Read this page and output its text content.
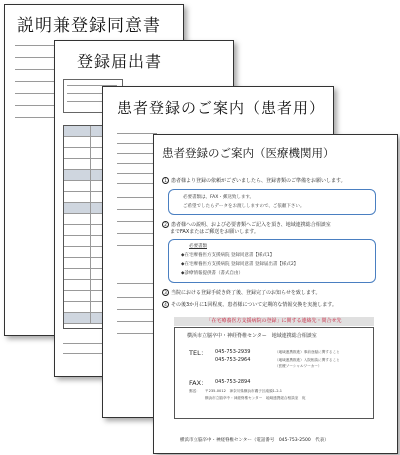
説明兼登録同意書
登録届出書
患者登録のご案内（患者用）
患者登録のご案内（医療機関用）
1 患者様より登録の依頼がございましたら、登録書類のご準備をお願いします。
必要書類は、FAX・郵送致します。
ご希望でしたらデータをお渡ししますので、ご依頼下さい。
2 患者様への説明、および必要書類へご記入を頂き、地域連携総合相談室
までFAXまたはご郵送をお願いします。
必要書類
◆在宅療養医方支援病院 登録同意書【様式1】
◆在宅療養医方支援病院 登録同意書 登録届出書【様式2】
◆診療情報提供書（書式自由）
3 当院における登録手続き終了後、登録完了のお知らせを致します。
4 その後3か月に1回程度、患者様について定期的な情報交換を実施します。
「在宅療養医方支援病院の登録」に関する連絡先・問合せ先
横浜市立脳卒中・神経脊椎センター　地域連携総合相談室
TEL： 045-753-2939	（地域連携推進）事前登録に関すること
045-753-2964	（地域連携推進）入院相談に関すること
（医療ソーシャルワーカー）
FAX： 045-753-2894
郵送： 〒235-0012　神奈川県横浜市磯子区滝頭1-2-1
横浜市立脳卒中・神経脊椎センター　地域連携総合相談室　宛
横浜市立脳卒中・神経脊椎センター（電話番号　045-753-2500　代表）
